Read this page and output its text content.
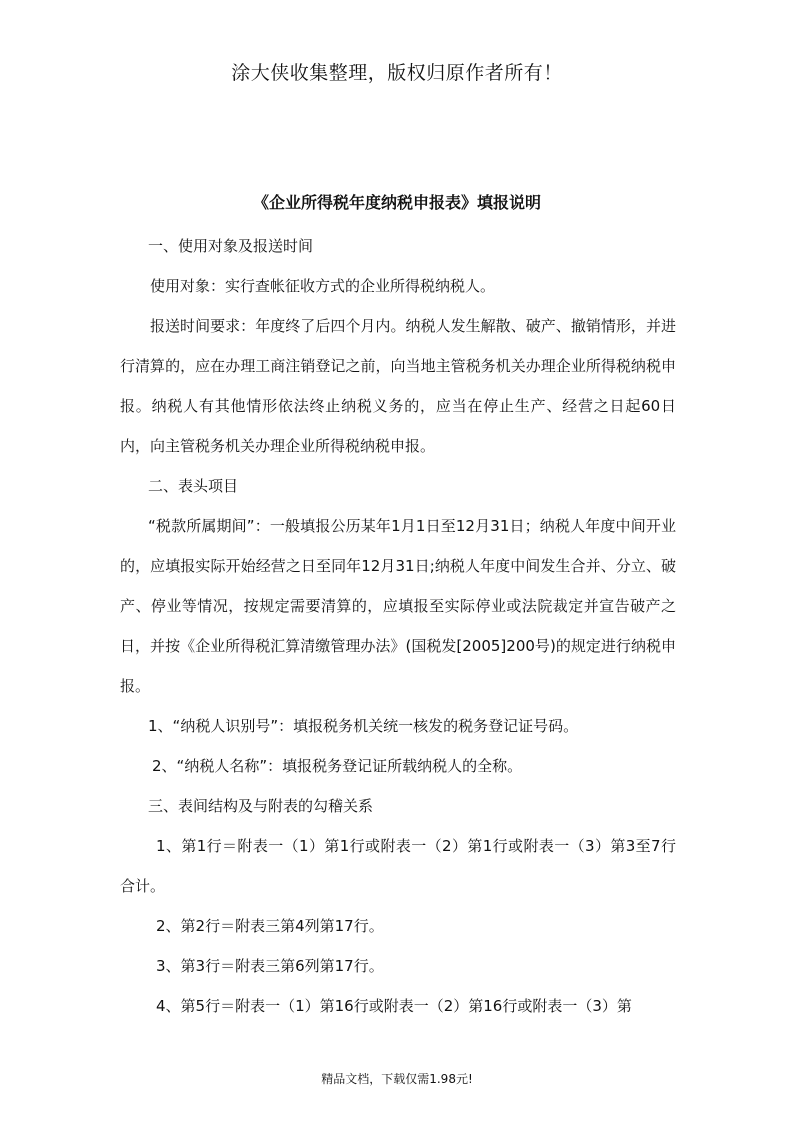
涂大侠收集整理，版权归原作者所有！
《企业所得税年度纳税申报表》填报说明

一、使用对象及报送时间

使用对象：实行查帐征收方式的企业所得税纳税人。

报送时间要求：年度终了后四个月内。纳税人发生解散、破产、撤销情形，并进行清算的，应在办理工商注销登记之前，向当地主管税务机关办理企业所得税纳税申报。纳税人有其他情形依法终止纳税义务的，应当在停止生产、经营之日起60日内，向主管税务机关办理企业所得税纳税申报。

二、表头项目

“税款所属期间”：一般填报公历某年1月1日至12月31日；纳税人年度中间开业的，应填报实际开始经营之日至同年12月31日;纳税人年度中间发生合并、分立、破产、停业等情况，按规定需要清算的，应填报至实际停业或法院裁定并宣告破产之日，并按《企业所得税汇算清缴管理办法》(国税发[2005]200号)的规定进行纳税申报。

1、“纳税人识别号”：填报税务机关统一核发的税务登记证号码。

2、“纳税人名称”：填报税务登记证所载纳税人的全称。

三、表间结构及与附表的勾稽关系

1、第1行＝附表一（1）第1行或附表一（2）第1行或附表一（3）第3至7行合计。

2、第2行＝附表三第4列第17行。

3、第3行＝附表三第6列第17行。

4、第5行＝附表一（1）第16行或附表一（2）第16行或附表一（3）第

精品文档，下载仅需1.98元!
